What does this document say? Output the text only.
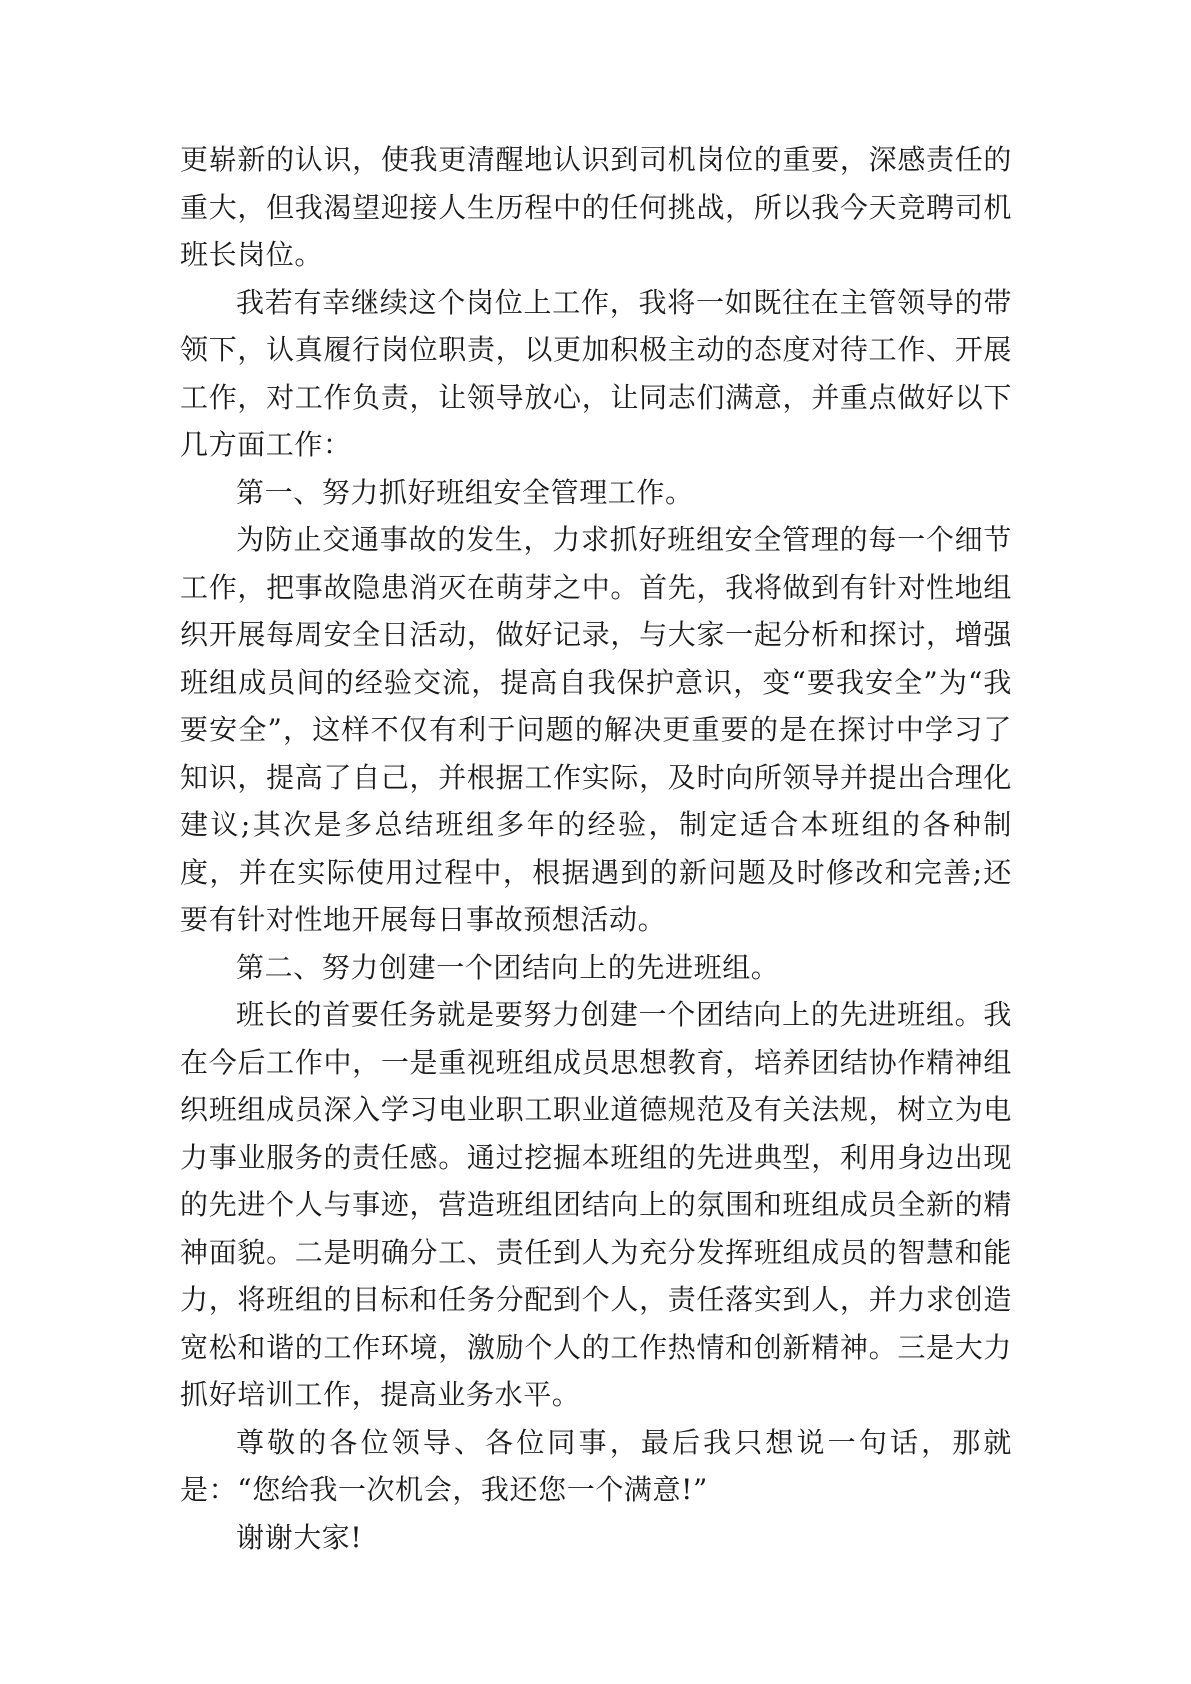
更崭新的认识，使我更清醒地认识到司机岗位的重要，深感责任的重大，但我渴望迎接人生历程中的任何挑战，所以我今天竞聘司机班长岗位。

我若有幸继续这个岗位上工作，我将一如既往在主管领导的带领下，认真履行岗位职责，以更加积极主动的态度对待工作、开展工作，对工作负责，让领导放心，让同志们满意，并重点做好以下几方面工作：

第一、努力抓好班组安全管理工作。

为防止交通事故的发生，力求抓好班组安全管理的每一个细节工作，把事故隐患消灭在萌芽之中。首先，我将做到有针对性地组织开展每周安全日活动，做好记录，与大家一起分析和探讨，增强班组成员间的经验交流，提高自我保护意识，变“要我安全”为“我要安全”，这样不仅有利于问题的解决更重要的是在探讨中学习了知识，提高了自己，并根据工作实际，及时向所领导并提出合理化建议;其次是多总结班组多年的经验，制定适合本班组的各种制度，并在实际使用过程中，根据遇到的新问题及时修改和完善;还要有针对性地开展每日事故预想活动。

第二、努力创建一个团结向上的先进班组。

班长的首要任务就是要努力创建一个团结向上的先进班组。我在今后工作中，一是重视班组成员思想教育，培养团结协作精神组织班组成员深入学习电业职工职业道德规范及有关法规，树立为电力事业服务的责任感。通过挖掘本班组的先进典型，利用身边出现的先进个人与事迹，营造班组团结向上的氛围和班组成员全新的精神面貌。二是明确分工、责任到人为充分发挥班组成员的智慧和能力，将班组的目标和任务分配到个人，责任落实到人，并力求创造宽松和谐的工作环境，激励个人的工作热情和创新精神。三是大力抓好培训工作，提高业务水平。

尊敬的各位领导、各位同事，最后我只想说一句话，那就是：“您给我一次机会，我还您一个满意!”

谢谢大家!
